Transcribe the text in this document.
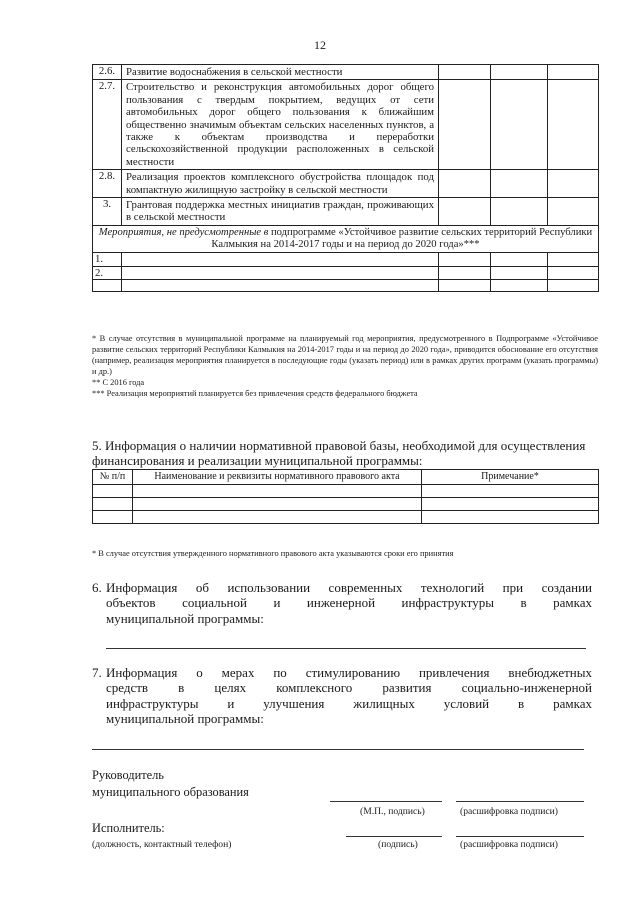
12
2.6.	Развитие водоснабжения в сельской местности			
2.7.	Строительство и реконструкция автомобильных дорог общего пользования с твердым покрытием, ведущих от сети автомобильных дорог общего пользования к ближайшим общественно значимым объектам сельских населенных пунктов, а также к объектам производства и переработки сельскохозяйственной продукции расположенных в сельской местности			
2.8.	Реализация проектов комплексного обустройства площадок под компактную жилищную застройку в сельской местности			
3.	Грантовая поддержка местных инициатив граждан, проживающих в сельской местности			
Мероприятия, не предусмотренные в подпрограмме «Устойчивое развитие сельских территорий Республики Калмыкия на 2014-2017 годы и на период до 2020 года»***				
1.				
2.				

* В случае отсутствия в муниципальной программе на планируемый год мероприятия, предусмотренного в Подпрограмме «Устойчивое развитие сельских территорий Республики Калмыкия на 2014-2017 годы и на период до 2020 года», приводится обоснование его отсутствия (например, реализация мероприятия планируется в последующие годы (указать период) или в рамках других программ (указать программы) и др.)

** С 2016 года

*** Реализация мероприятий планируется без привлечения средств федерального бюджета

5. Информация о наличии нормативной правовой базы, необходимой для осуществления финансирования и реализации муниципальной программы:
№ п/п	Наименование и реквизиты нормативного правового акта	Примечание*

* В случае отсутствия утвержденного нормативного правового акта указываются сроки его принятия
6. Информация об использовании современных технологий при создании
объектов социальной и инженерной инфраструктуры в рамках
муниципальной программы:
7. Информация о мерах по стимулированию привлечения внебюджетных
средств в целях комплексного развития социально-инженерной
инфраструктуры и улучшения жилищных условий в рамках
муниципальной программы:
Руководитель
муниципального образования
(М.П., подпись)	(расшифровка подписи)
Исполнитель:
(должность, контактный телефон)	(подпись)	(расшифровка подписи)
